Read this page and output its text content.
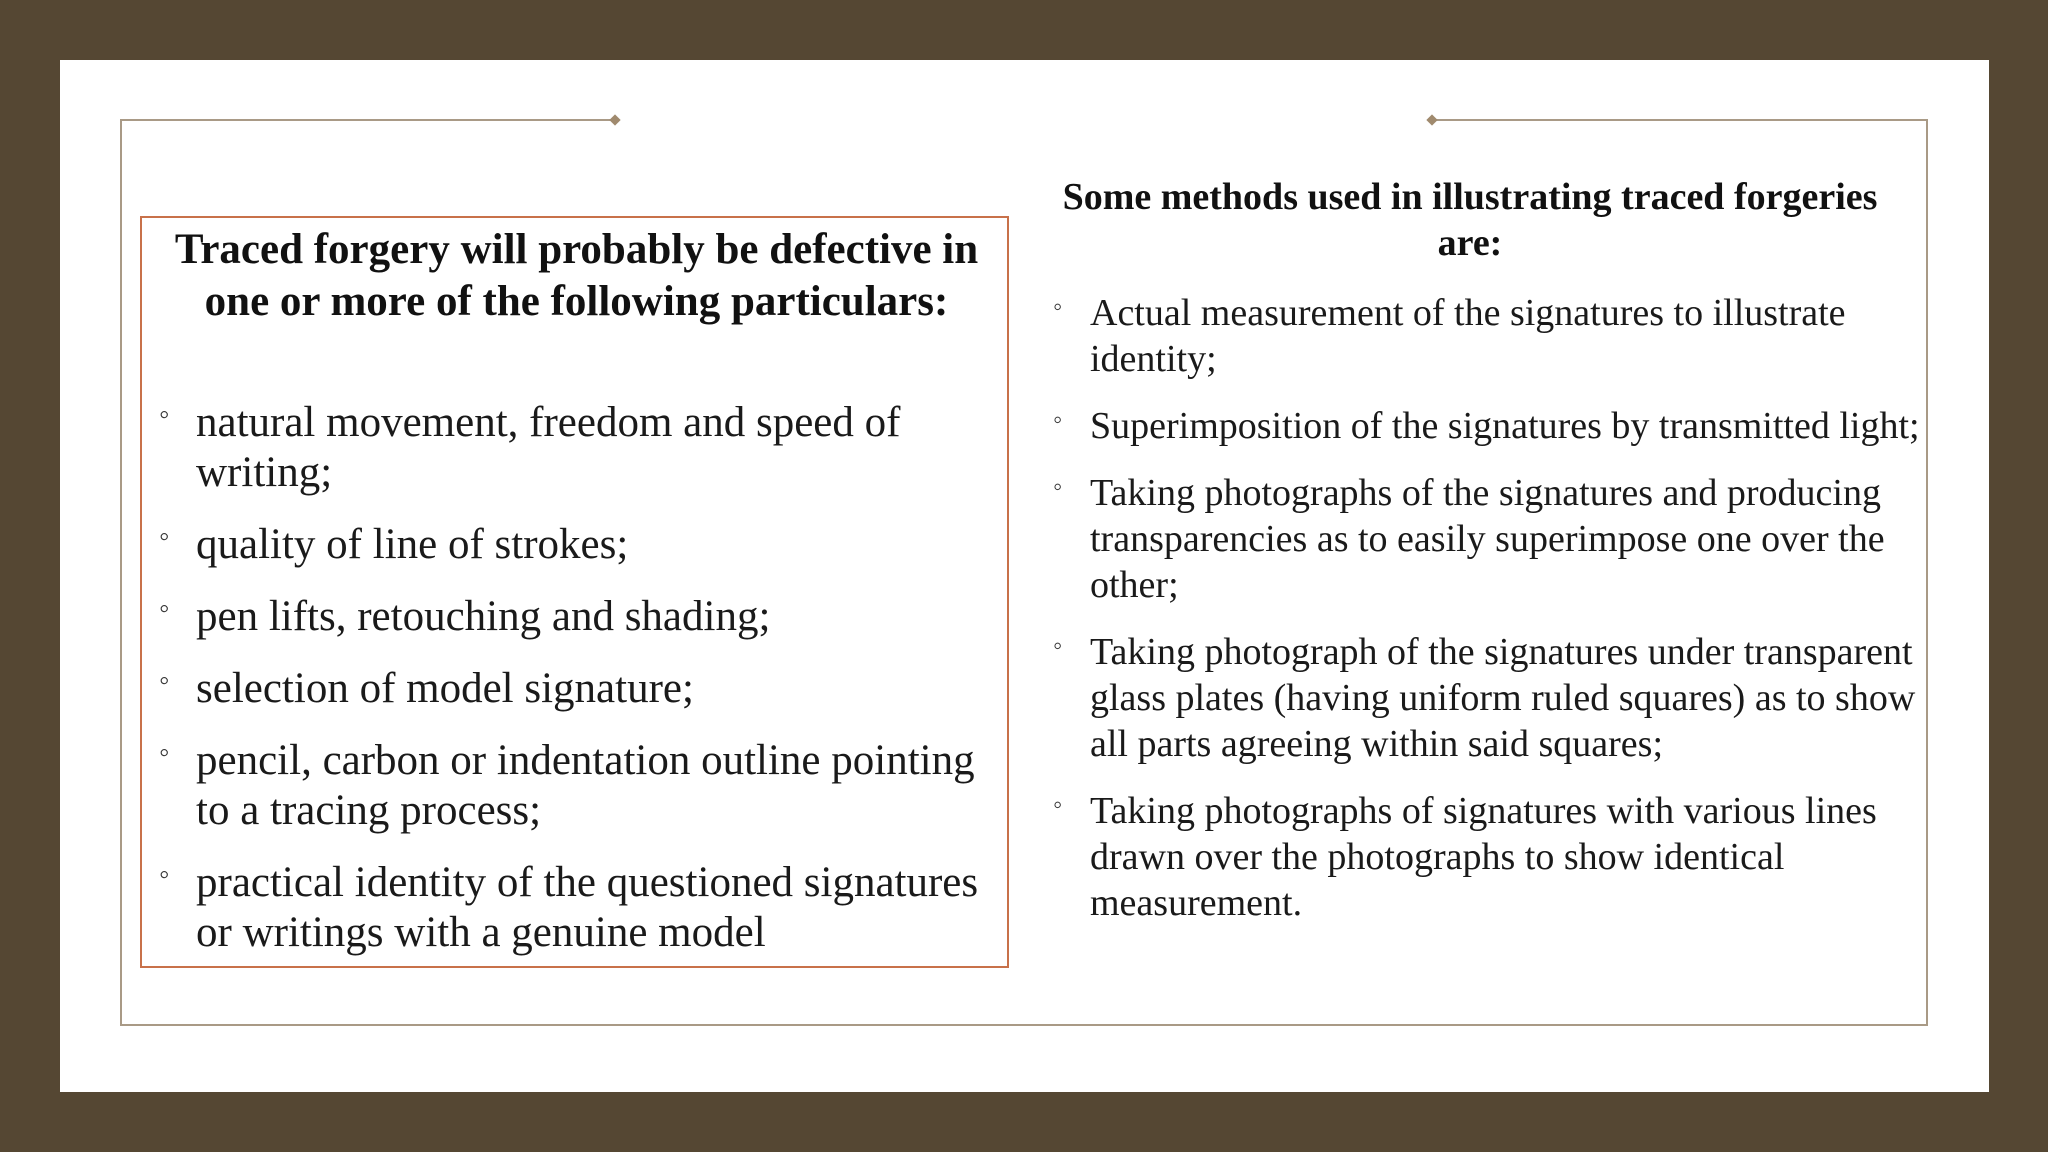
Traced forgery will probably be defective in one or more of the following particulars:
◦ natural movement, freedom and speed of writing;
◦ quality of line of strokes;
◦ pen lifts, retouching and shading;
◦ selection of model signature;
◦ pencil, carbon or indentation outline pointing to a tracing process;
◦ practical identity of the questioned signatures or writings with a genuine model
Some methods used in illustrating traced forgeries are:
◦ Actual measurement of the signatures to illustrate identity;
◦ Superimposition of the signatures by transmitted light;
◦ Taking photographs of the signatures and producing transparencies as to easily superimpose one over the other;
◦ Taking photograph of the signatures under transparent glass plates (having uniform ruled squares) as to show all parts agreeing within said squares;
◦ Taking photographs of signatures with various lines drawn over the photographs to show identical measurement.
